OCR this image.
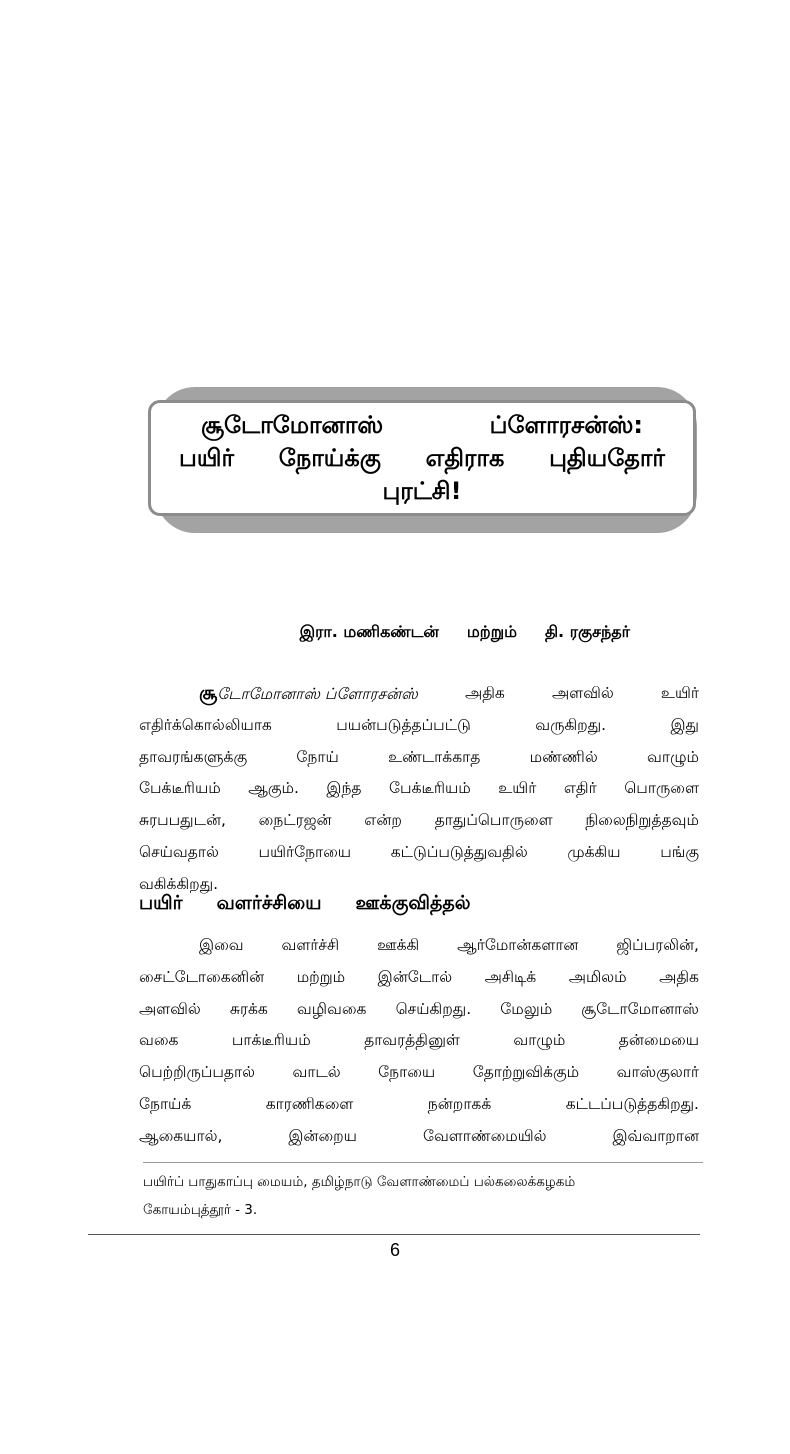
சூடோமோனாஸ்	ப்ளோரசன்ஸ்:
பயிர் நோய்க்கு எதிராக புதியதோர்
புரட்சி!
இரா. மணிகண்டன் மற்றும் தி. ரகுசந்தர்
சூடோமோனாஸ் ப்ளோரசன்ஸ்	அதிக	அளவில்	உயிர்
எதிர்க்கொல்லியாக	பயன்படுத்தப்பட்டு	வருகிறது.	இது
தாவரங்களுக்கு	நோய்	உண்டாக்காத	மண்ணில்	வாழும்
பேக்டீரியம் ஆகும். இந்த பேக்டீரியம் உயிர் எதிர் பொருளை
சுரபபதுடன், நைட்ரஜன் என்ற தாதுப்பொருளை நிலைநிறுத்தவும்
செய்வதால்	பயிர்நோயை	கட்டுப்படுத்துவதில்	முக்கிய	பங்கு
வகிக்கிறது.
பயிர் வளர்ச்சியை ஊக்குவித்தல்
இவை வளர்ச்சி ஊக்கி ஆர்மோன்களான ஜிப்பரலின்,
சைட்டோகைனின் மற்றும் இன்டோல் அசிடிக் அமிலம் அதிக
அளவில் சுரக்க வழிவகை செய்கிறது. மேலும் சூடோமோனாஸ்
வகை	பாக்டீரியம்	தாவரத்தினுள்	வாழும்	தன்மையை
பெற்றிருப்பதால் வாடல் நோயை தோற்றுவிக்கும் வாஸ்குலார்
நோய்க்	காரணிகளை	நன்றாகக்	கட்டப்படுத்தகிறது.
ஆகையால்,	இன்றைய	வேளாண்மையில்	இவ்வாறான
பயிர்ப் பாதுகாப்பு மையம், தமிழ்நாடு வேளாண்மைப் பல்கலைக்கழகம்
கோயம்புத்தூர் - 3.
6
